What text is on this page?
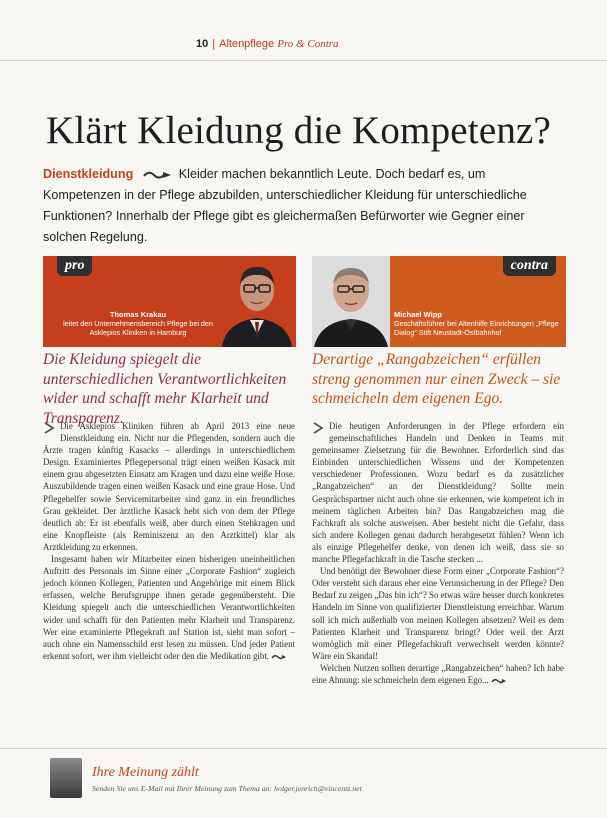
10 | Altenpflege Pro & Contra
Klärt Kleidung die Kompetenz?
Dienstkleidung	Kleider machen bekanntlich Leute. Doch bedarf es, um Kompetenzen in der Pflege abzubilden, unterschiedlicher Kleidung für unterschiedliche Funktionen? Innerhalb der Pflege gibt es gleichermaßen Befürworter wie Gegner einer solchen Regelung.
pro
Thomas Krakau
leitet den Unternehmensbereich Pflege bei den Asklepios Kliniken in Hamburg
contra
Michael Wipp
Geschäftsführer bei Altenhilfe Einrichtungen „Pflege Dialog“ Stift Neustadt-Ostbahnhof
Die Kleidung spiegelt die unterschiedlichen Verantwortlichkeiten wider und schafft mehr Klarheit und Transparenz.
Derartige „Rangabzeichen“ erfüllen streng genommen nur einen Zweck – sie schmeicheln dem eigenen Ego.

Die Asklepios Kliniken führen ab April 2013 eine neue Dienstkleidung ein. Nicht nur die Pflegenden, sondern auch die Ärzte tragen künftig Kasacks – allerdings in unterschiedlichem Design. Examiniertes Pflegepersonal trägt einen weißen Kasack mit einem grau abgesetzten Einsatz am Kragen und dazu eine weiße Hose. Auszubildende tragen einen weißen Kasack und eine graue Hose. Und Pflegehelfer sowie Servicemitarbeiter sind ganz in ein freundliches Grau gekleidet. Der ärztliche Kasack hebt sich von dem der Pflege deutlich ab: Er ist ebenfalls weiß, aber durch einen Stehkragen und eine Knopfleiste (als Reminiszenz an den Arztkittel) klar als Arztkleidung zu erkennen.

Insgesamt haben wir Mitarbeiter einen bisherigen uneinheitlichen Auftritt des Personals im Sinne einer „Corporate Fashion“ zugleich jedoch können Kollegen, Patienten und Angehörige mit einem Blick erfassen, welche Berufsgruppe ihnen gerade gegenübersteht. Die Kleidung spiegelt auch die unterschiedlichen Verantwortlichkeiten wider und schafft für den Patienten mehr Klarheit und Transparenz. Wer eine examinierte Pflegekraft auf Station ist, sieht man sofort – auch ohne ein Namensschild erst lesen zu müssen. Und jeder Patient erkennt sofort, wer ihm vielleicht oder den die Medikation gibt.

Die heutigen Anforderungen in der Pflege erfordern ein gemeinschaftliches Handeln und Denken in Teams mit gemeinsamer Zielsetzung für die Bewohner. Erforderlich sind das Einbinden unterschiedlichen Wissens und der Kompetenzen verschiedener Professionen. Wozu bedarf es da zusätzlicher „Rangabzeichen“ an der Dienstkleidung? Sollte mein Gesprächspartner nicht auch ohne sie erkennen, wie kompetent ich in meinem täglichen Arbeiten bin? Das Rangabzeichen mag die Fachkraft als solche ausweisen. Aber besteht nicht die Gefahr, dass sich andere Kollegen genau dadurch herabgesetzt fühlen? Wenn ich als einzige Pflegehelfer denke, von denen ich weiß, dass sie so manche Pflegefachkraft in die Tasche stecken ...

Und benötigt der Bewohner diese Form einer „Corporate Fashion“? Oder versteht sich daraus eher eine Verunsicherung in der Pflege? Den Bedarf zu zeigen „Das bin ich“? So etwas wäre besser durch konkretes Handeln im Sinne von qualifizierter Dienstleistung erreichbar. Warum soll ich mich außerhalb von meinen Kollegen absetzen? Weil es dem Patienten Klarheit und Transparenz bringt? Oder weil der Arzt womöglich mit einer Pflegefachkraft verwechselt werden könnte? Wäre ein Skandal!

Welchen Nutzen sollten derartige „Rangabzeichen“ haben? Ich habe eine Ahnung: sie schmeicheln dem eigenen Ego...

Ihre Meinung zählt
Senden Sie uns E-Mail mit Ihrer Meinung zum Thema an: holger.jenrich@vincentz.net
